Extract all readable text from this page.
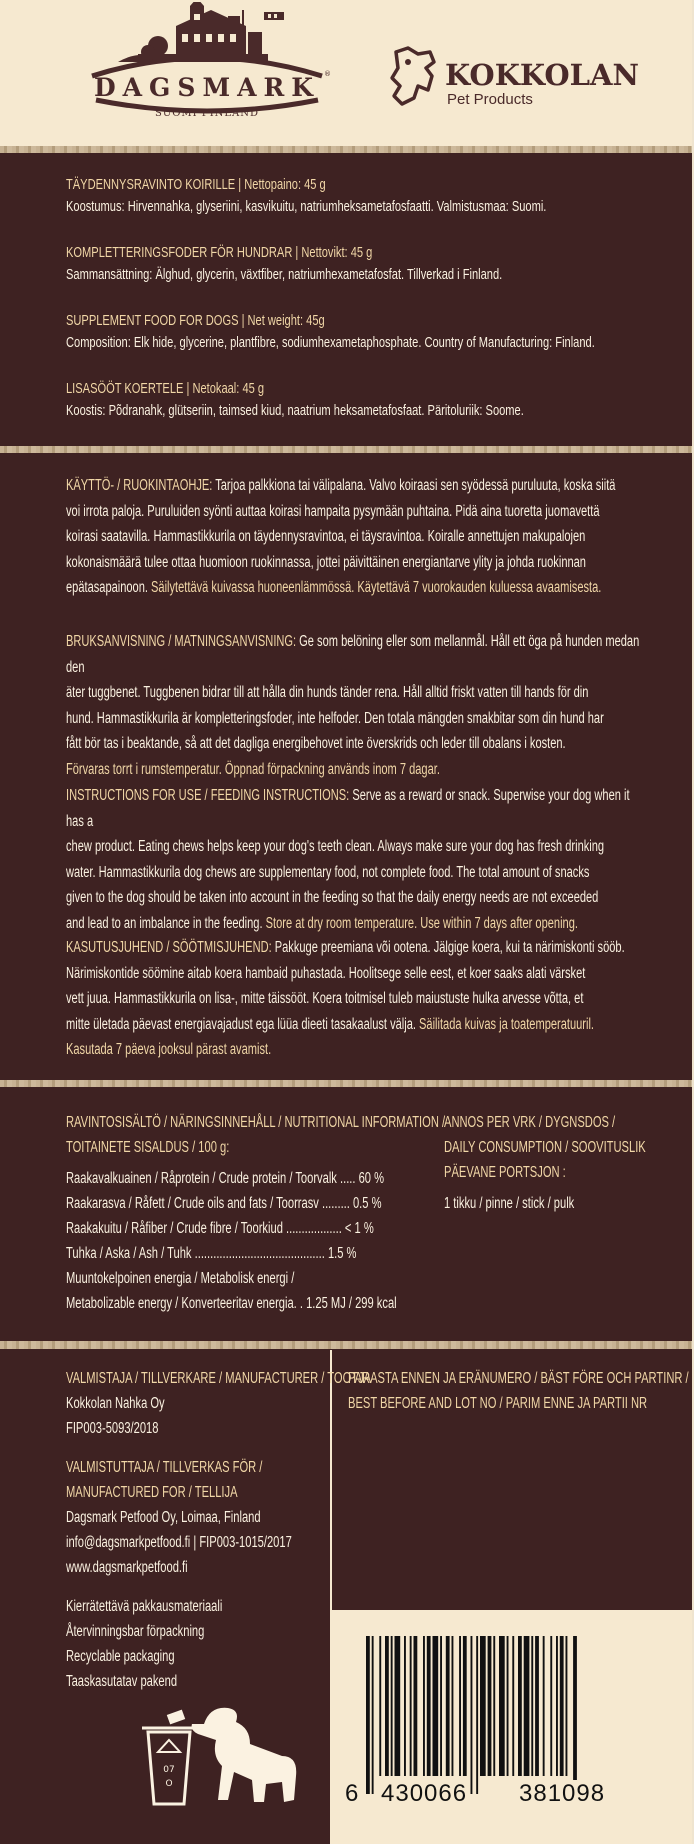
DAGSMARK ®
SUOMI FINLAND
KOKKOLAN
Pet Products
TÄYDENNYSRAVINTO KOIRILLE | Nettopaino: 45 g
Koostumus: Hirvennahka, glyseriini, kasvikuitu, natriumheksametafosfaatti. Valmistusmaa: Suomi.
KOMPLETTERINGSFODER FÖR HUNDRAR | Nettovikt: 45 g
Sammansättning: Älghud, glycerin, växtfiber, natriumhexametafosfat. Tillverkad i Finland.
SUPPLEMENT FOOD FOR DOGS | Net weight: 45g
Composition: Elk hide, glycerine, plantfibre, sodiumhexametaphosphate. Country of Manufacturing: Finland.
LISASÖÖT KOERTELE | Netokaal: 45 g
Koostis: Põdranahk, glütseriin, taimsed kiud, naatrium heksametafosfaat. Päritoluriik: Soome.
KÄYTTÖ- / RUOKINTAOHJE: Tarjoa palkkiona tai välipalana. Valvo koiraasi sen syödessä puruluuta, koska siitä
voi irrota paloja. Puruluiden syönti auttaa koirasi hampaita pysymään puhtaina. Pidä aina tuoretta juomavettä
koirasi saatavilla. Hammastikkurila on täydennysravintoa, ei täysravintoa. Koiralle annettujen makupalojen
kokonaismäärä tulee ottaa huomioon ruokinnassa, jottei päivittäinen energiantarve ylity ja johda ruokinnan
epätasapainoon. Säilytettävä kuivassa huoneenlämmössä. Käytettävä 7 vuorokauden kuluessa avaamisesta.
BRUKSANVISNING / MATNINGSANVISNING: Ge som belöning eller som mellanmål. Håll ett öga på hunden medan den
äter tuggbenet. Tuggbenen bidrar till att hålla din hunds tänder rena. Håll alltid friskt vatten till hands för din
hund. Hammastikkurila är kompletteringsfoder, inte helfoder. Den totala mängden smakbitar som din hund har
fått bör tas i beaktande, så att det dagliga energibehovet inte överskrids och leder till obalans i kosten.
Förvaras torrt i rumstemperatur. Öppnad förpackning används inom 7 dagar.
INSTRUCTIONS FOR USE / FEEDING INSTRUCTIONS: Serve as a reward or snack. Superwise your dog when it has a
chew product. Eating chews helps keep your dog's teeth clean. Always make sure your dog has fresh drinking
water. Hammastikkurila dog chews are supplementary food, not complete food. The total amount of snacks
given to the dog should be taken into account in the feeding so that the daily energy needs are not exceeded
and lead to an imbalance in the feeding. Store at dry room temperature. Use within 7 days after opening.
KASUTUSJUHEND / SÖÖTMISJUHEND: Pakkuge preemiana või ootena. Jälgige koera, kui ta närimiskonti sööb.
Närimiskontide söömine aitab koera hambaid puhastada. Hoolitsege selle eest, et koer saaks alati värsket
vett juua. Hammastikkurila on lisa-, mitte täissööt. Koera toitmisel tuleb maiustuste hulka arvesse võtta, et
mitte ületada päevast energiavajadust ega lüüa dieeti tasakaalust välja. Säilitada kuivas ja toatemperatuuril.
Kasutada 7 päeva jooksul pärast avamist.
RAVINTOSISÄLTÖ / NÄRINGSINNEHÅLL / NUTRITIONAL INFORMATION /
TOITAINETE SISALDUS / 100 g:
Raakavalkuainen / Råprotein / Crude protein / Toorvalk ..... 60 %
Raakarasva / Råfett / Crude oils and fats / Toorrasv ......... 0.5 %
Raakakuitu / Råfiber / Crude fibre / Toorkiud .................. < 1 %
Tuhka / Aska / Ash / Tuhk .......................................... 1.5 %
Muuntokelpoinen energia / Metabolisk energi /
Metabolizable energy / Konverteeritav energia. . 1.25 MJ / 299 kcal
ANNOS PER VRK / DYGNSDOS /
DAILY CONSUMPTION / SOOVITUSLIK
PÄEVANE PORTSJON :
1 tikku / pinne / stick / pulk
VALMISTAJA / TILLVERKARE / MANUFACTURER / TOOTJA
Kokkolan Nahka Oy
FIP003-5093/2018
VALMISTUTTAJA / TILLVERKAS FÖR /
MANUFACTURED FOR / TELLIJA
Dagsmark Petfood Oy, Loimaa, Finland
info@dagsmarkpetfood.fi | FIP003-1015/2017
www.dagsmarkpetfood.fi
Kierrätettävä pakkausmateriaali
Återvinningsbar förpackning
Recyclable packaging
Taaskasutatav pakend
07
O
PARASTA ENNEN JA ERÄNUMERO / BÄST FÖRE OCH PARTINR /
BEST BEFORE AND LOT NO / PARIM ENNE JA PARTII NR
6 430066 381098
